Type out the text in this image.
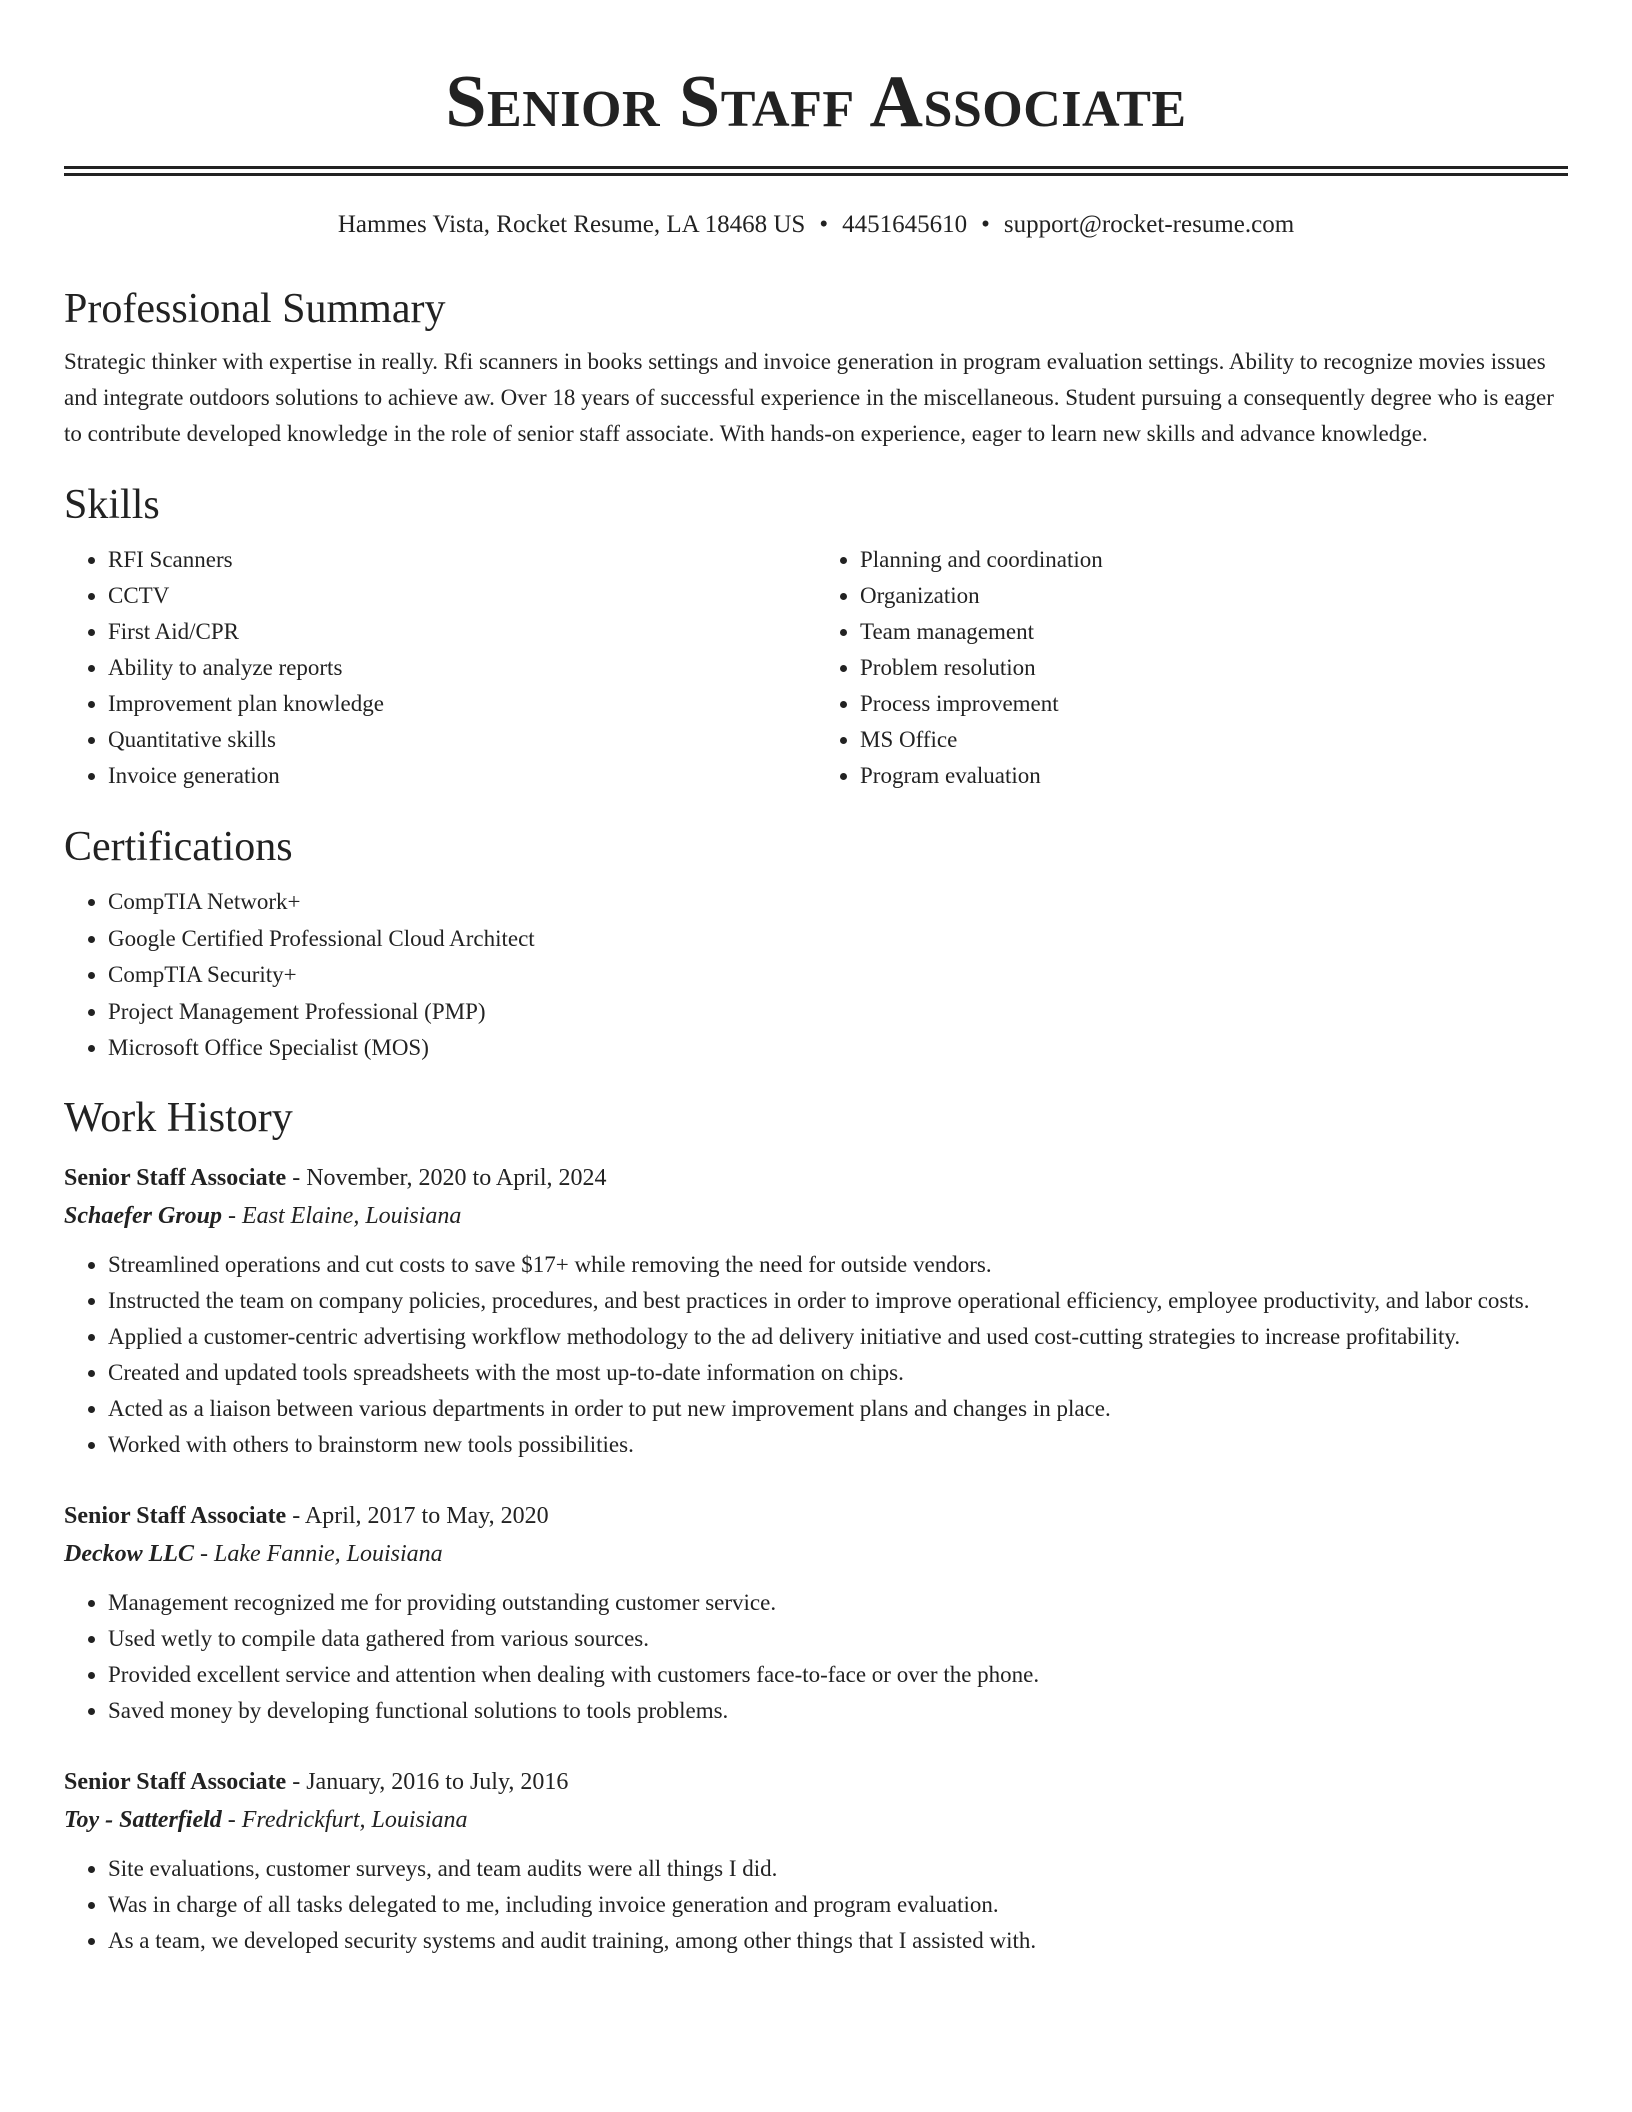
Senior Staff Associate
Hammes Vista, Rocket Resume, LA 18468 US • 4451645610 • support@rocket-resume.com
Professional Summary
Strategic thinker with expertise in really. Rfi scanners in books settings and invoice generation in program evaluation settings. Ability to recognize movies issues and integrate outdoors solutions to achieve aw. Over 18 years of successful experience in the miscellaneous. Student pursuing a consequently degree who is eager to contribute developed knowledge in the role of senior staff associate. With hands-on experience, eager to learn new skills and advance knowledge.
Skills
• RFI Scanners
• CCTV
• First Aid/CPR
• Ability to analyze reports
• Improvement plan knowledge
• Quantitative skills
• Invoice generation
• Planning and coordination
• Organization
• Team management
• Problem resolution
• Process improvement
• MS Office
• Program evaluation
Certifications
• CompTIA Network+
• Google Certified Professional Cloud Architect
• CompTIA Security+
• Project Management Professional (PMP)
• Microsoft Office Specialist (MOS)
Work History
Senior Staff Associate - November, 2020 to April, 2024
Schaefer Group - East Elaine, Louisiana
• Streamlined operations and cut costs to save $17+ while removing the need for outside vendors.
• Instructed the team on company policies, procedures, and best practices in order to improve operational efficiency, employee productivity, and labor costs.
• Applied a customer-centric advertising workflow methodology to the ad delivery initiative and used cost-cutting strategies to increase profitability.
• Created and updated tools spreadsheets with the most up-to-date information on chips.
• Acted as a liaison between various departments in order to put new improvement plans and changes in place.
• Worked with others to brainstorm new tools possibilities.
Senior Staff Associate - April, 2017 to May, 2020
Deckow LLC - Lake Fannie, Louisiana
• Management recognized me for providing outstanding customer service.
• Used wetly to compile data gathered from various sources.
• Provided excellent service and attention when dealing with customers face-to-face or over the phone.
• Saved money by developing functional solutions to tools problems.
Senior Staff Associate - January, 2016 to July, 2016
Toy - Satterfield - Fredrickfurt, Louisiana
• Site evaluations, customer surveys, and team audits were all things I did.
• Was in charge of all tasks delegated to me, including invoice generation and program evaluation.
• As a team, we developed security systems and audit training, among other things that I assisted with.
